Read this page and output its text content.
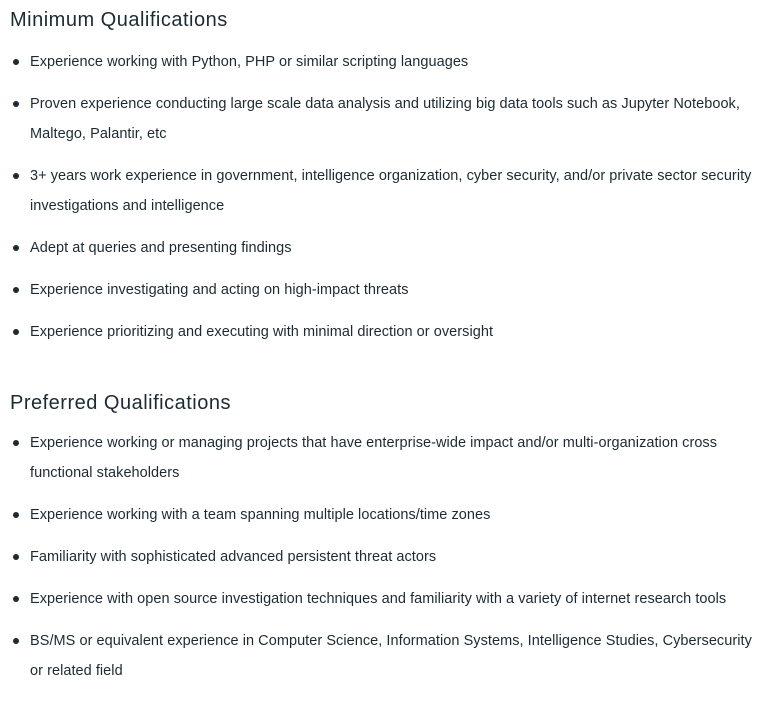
Minimum Qualifications
Experience working with Python, PHP or similar scripting languages
Proven experience conducting large scale data analysis and utilizing big data tools such as Jupyter Notebook, Maltego, Palantir, etc
3+ years work experience in government, intelligence organization, cyber security, and/or private sector security investigations and intelligence
Adept at queries and presenting findings
Experience investigating and acting on high-impact threats
Experience prioritizing and executing with minimal direction or oversight
Preferred Qualifications
Experience working or managing projects that have enterprise-wide impact and/or multi-organization cross functional stakeholders
Experience working with a team spanning multiple locations/time zones
Familiarity with sophisticated advanced persistent threat actors
Experience with open source investigation techniques and familiarity with a variety of internet research tools
BS/MS or equivalent experience in Computer Science, Information Systems, Intelligence Studies, Cybersecurity or related field
